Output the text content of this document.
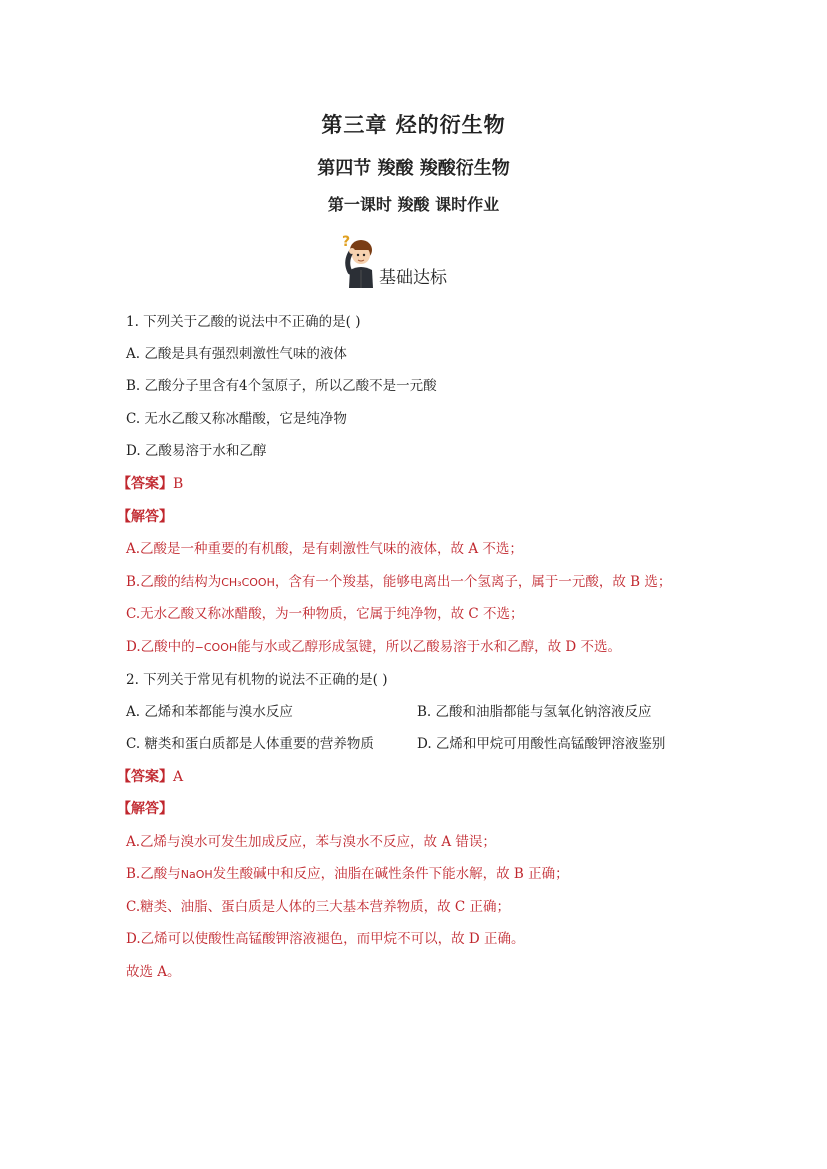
第三章 烃的衍生物
第四节 羧酸 羧酸衍生物
第一课时 羧酸 课时作业
?
基础达标
1. 下列关于乙酸的说法中不正确的是( )
A. 乙酸是具有强烈刺激性气味的液体
B. 乙酸分子里含有4个氢原子，所以乙酸不是一元酸
C. 无水乙酸又称冰醋酸，它是纯净物
D. 乙酸易溶于水和乙醇
【答案】B
【解答】
A.乙酸是一种重要的有机酸，是有刺激性气味的液体，故 A 不选；
B.乙酸的结构为CH₃COOH，含有一个羧基，能够电离出一个氢离子，属于一元酸，故 B 选；
C.无水乙酸又称冰醋酸，为一种物质，它属于纯净物，故 C 不选；
D.乙酸中的−COOH能与水或乙醇形成氢键，所以乙酸易溶于水和乙醇，故 D 不选。
2. 下列关于常见有机物的说法不正确的是( )
A. 乙烯和苯都能与溴水反应	B. 乙酸和油脂都能与氢氧化钠溶液反应
C. 糖类和蛋白质都是人体重要的营养物质	D. 乙烯和甲烷可用酸性高锰酸钾溶液鉴别
【答案】A
【解答】
A.乙烯与溴水可发生加成反应，苯与溴水不反应，故 A 错误；
B.乙酸与NaOH发生酸碱中和反应，油脂在碱性条件下能水解，故 B 正确；
C.糖类、油脂、蛋白质是人体的三大基本营养物质，故 C 正确；
D.乙烯可以使酸性高锰酸钾溶液褪色，而甲烷不可以，故 D 正确。
故选 A。
